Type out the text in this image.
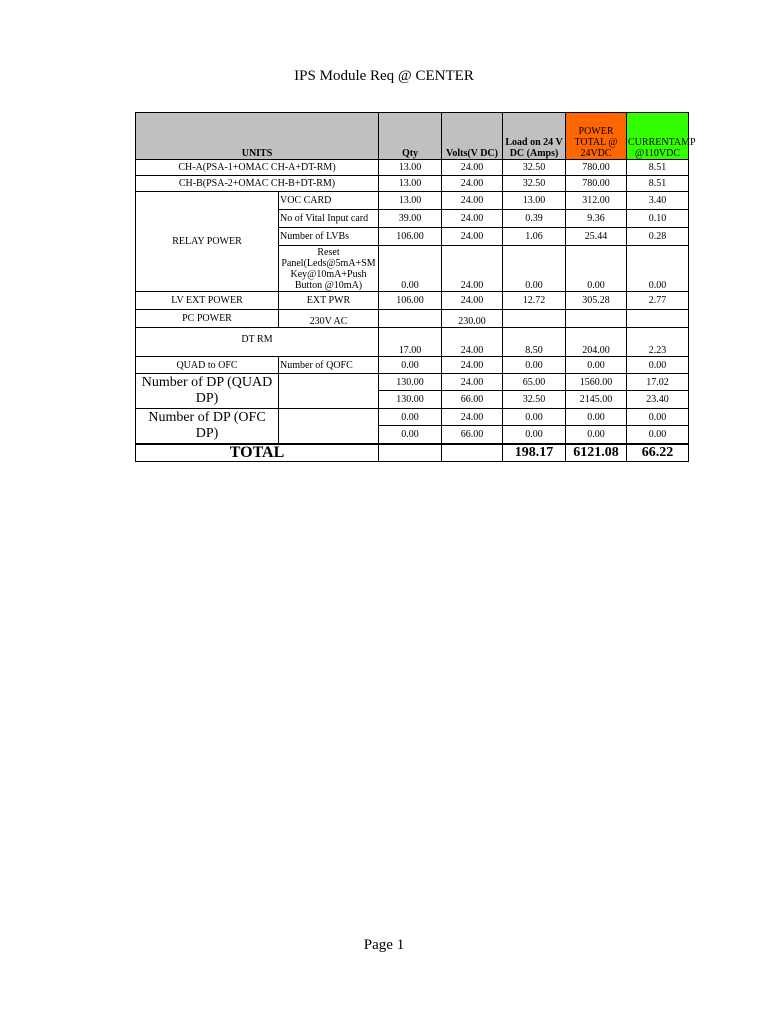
IPS Module Req @ CENTER
UNITS		Qty	Volts(V DC)	Load on 24 V DC (Amps)	POWER TOTAL @ 24VDC	CURRENTAMP @110VDC
CH-A(PSA-1+OMAC CH-A+DT-RM)		13.00	24.00	32.50	780.00	8.51
CH-B(PSA-2+OMAC CH-B+DT-RM)		13.00	24.00	32.50	780.00	8.51
RELAY POWER	VOC CARD	13.00	24.00	13.00	312.00	3.40
	No of Vital Input card	39.00	24.00	0.39	9.36	0.10
	Number of LVBs	106.00	24.00	1.06	25.44	0.28
	Reset Panel(Leds@5mA+SM Key@10mA+Push Button @10mA)	0.00	24.00	0.00	0.00	0.00
LV EXT POWER	EXT PWR	106.00	24.00	12.72	305.28	2.77
PC POWER	230V AC		230.00			
DT RM		17.00	24.00	8.50	204.00	2.23
QUAD to OFC	Number of QOFC	0.00	24.00	0.00	0.00	0.00
Number of DP (QUAD DP)		130.00	24.00	65.00	1560.00	17.02
		130.00	66.00	32.50	2145.00	23.40
Number of DP (OFC DP)		0.00	24.00	0.00	0.00	0.00
		0.00	66.00	0.00	0.00	0.00
TOTAL				198.17	6121.08	66.22
Page 1
